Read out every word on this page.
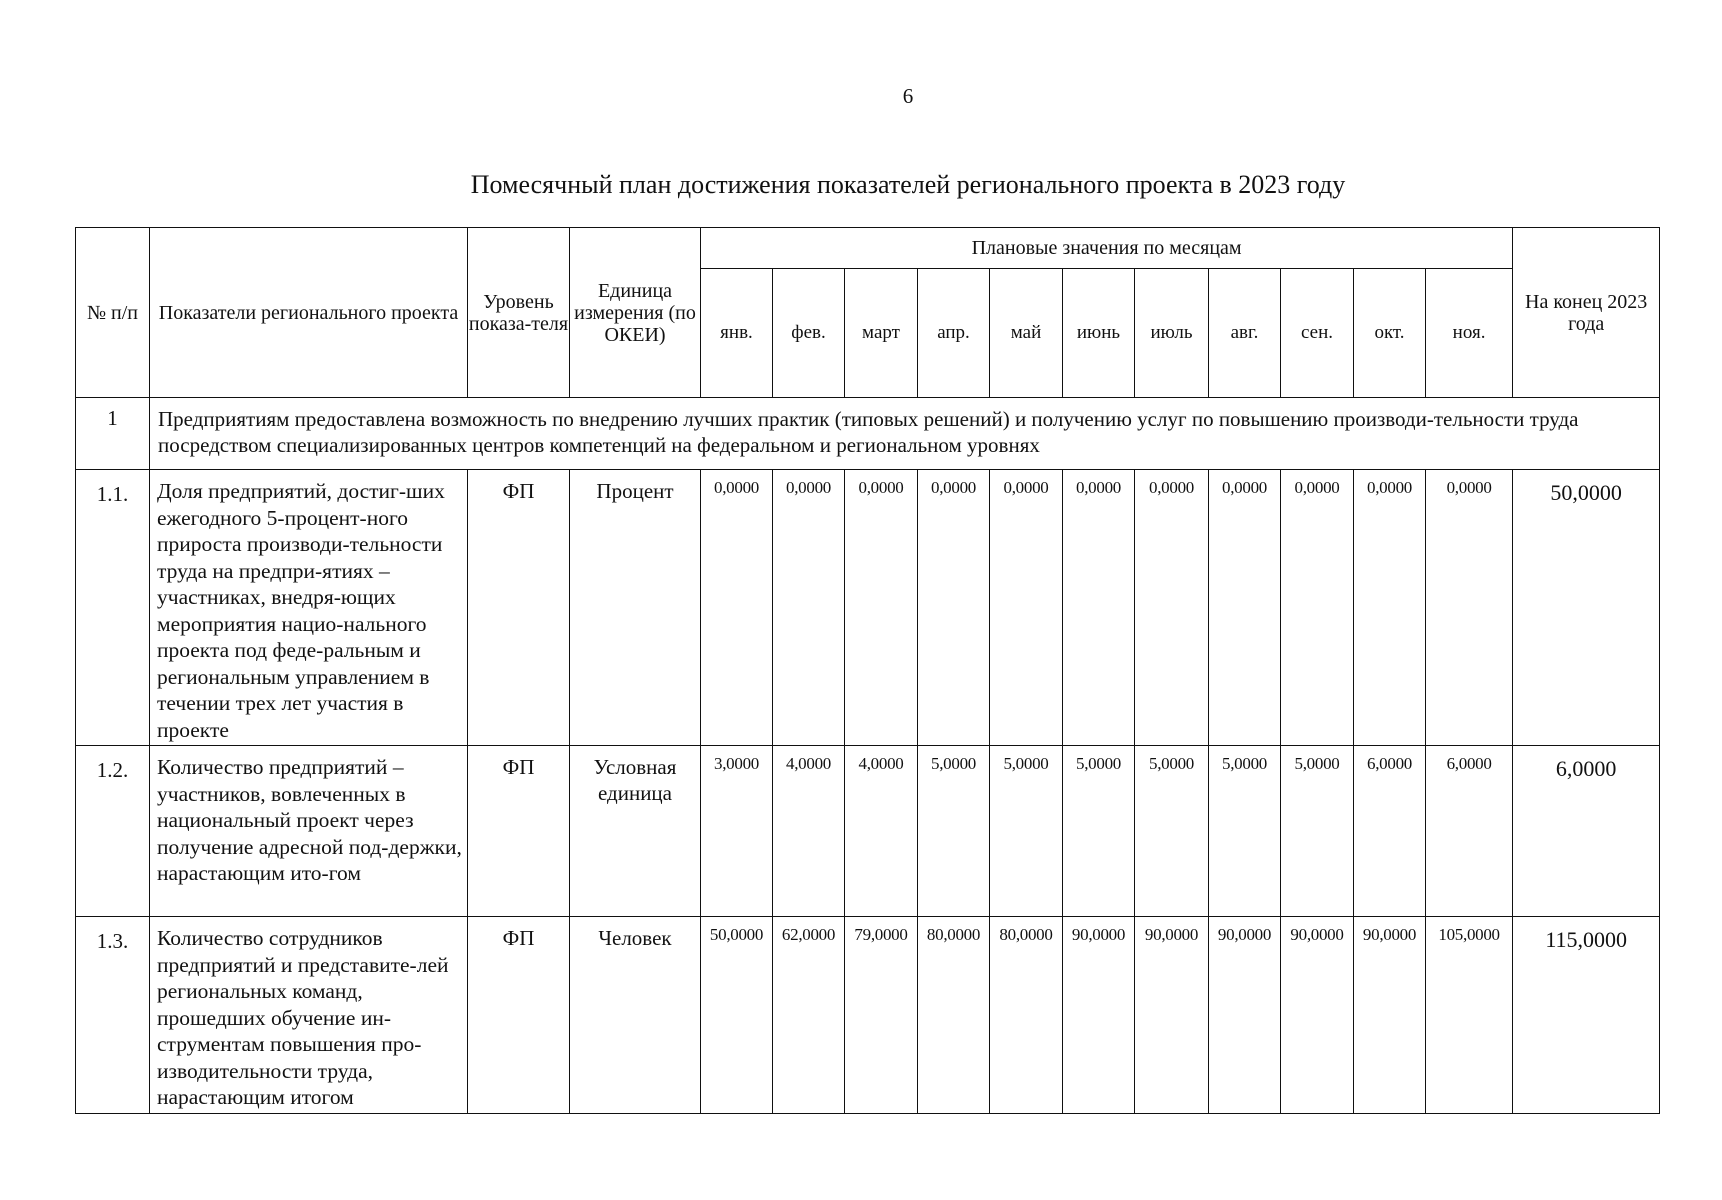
6
Помесячный план достижения показателей регионального проекта в 2023 году
№ п/п	Показатели регионального проекта	Уровень показа-теля	Единица измерения (по ОКЕИ)	Плановые значения по месяцам											На конец 2023 года
				янв.	фев.	март	апр.	май	июнь	июль	авг.	сен.	окт.	ноя.	
1	Предприятиям предоставлена возможность по внедрению лучших практик (типовых решений) и получению услуг по повышению производи-тельности труда посредством специализированных центров компетенций на федеральном и региональном уровнях														
1.1.	Доля предприятий, достиг-ших ежегодного 5-процент-ного прироста производи-тельности труда на предпри-ятиях – участниках, внедря-ющих мероприятия нацио-нального проекта под феде-ральным и региональным управлением в течении трех лет участия в проекте	ФП	Процент	0,0000	0,0000	0,0000	0,0000	0,0000	0,0000	0,0000	0,0000	0,0000	0,0000	0,0000	50,0000
1.2.	Количество предприятий – участников, вовлеченных в национальный проект через получение адресной под-держки, нарастающим ито-гом	ФП	Условная единица	3,0000	4,0000	4,0000	5,0000	5,0000	5,0000	5,0000	5,0000	5,0000	6,0000	6,0000	6,0000
1.3.	Количество сотрудников предприятий и представите-лей региональных команд, прошедших обучение ин-струментам повышения про-изводительности труда, нарастающим итогом	ФП	Человек	50,0000	62,0000	79,0000	80,0000	80,0000	90,0000	90,0000	90,0000	90,0000	90,0000	105,0000	115,0000
